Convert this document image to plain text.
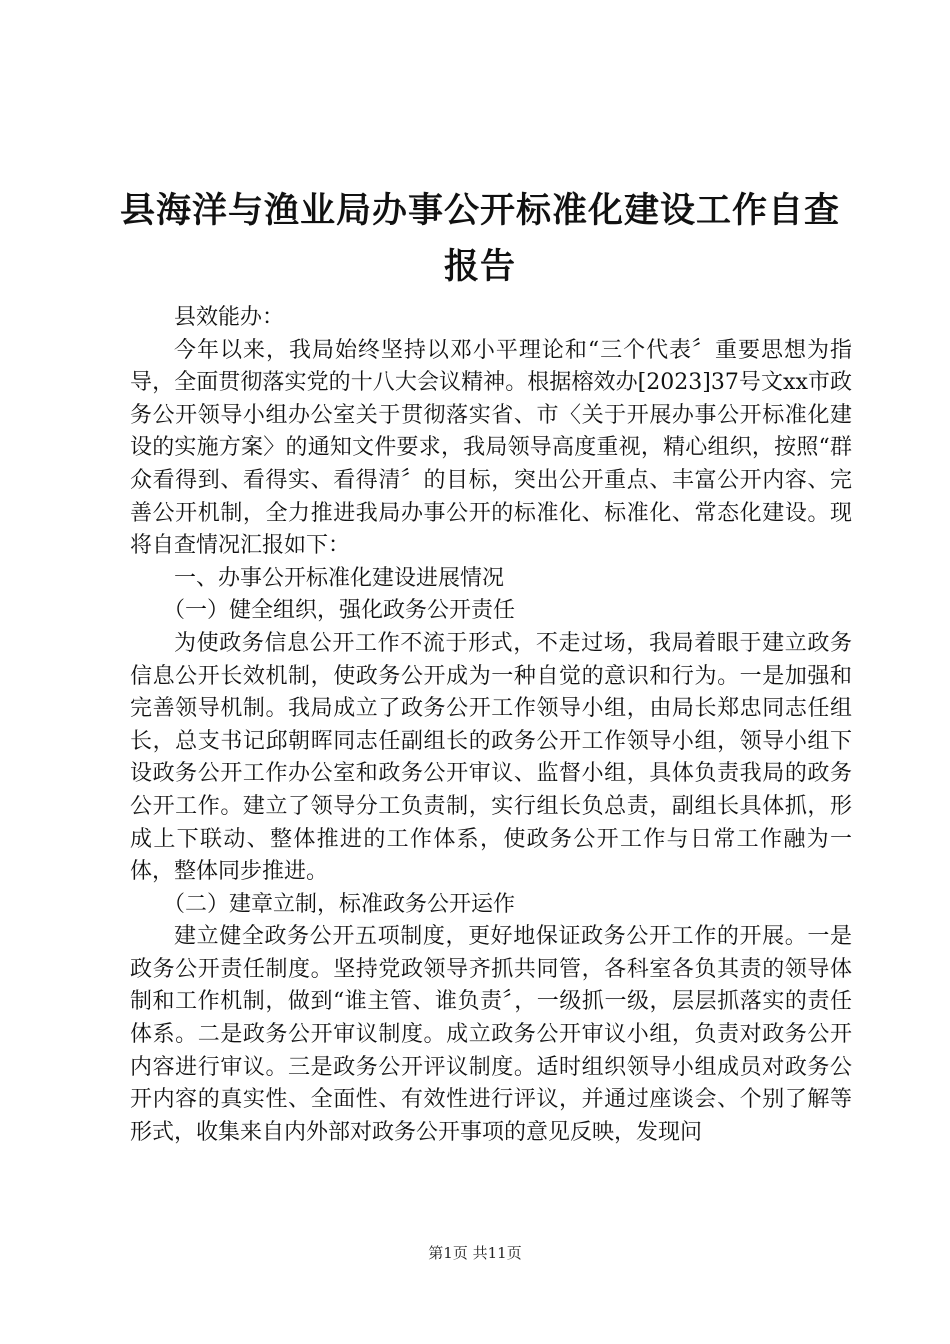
县海洋与渔业局办事公开标准化建设工作自查报告

县效能办：

今年以来，我局始终坚持以邓小平理论和“三个代表〞重要思想为指导，全面贯彻落实党的十八大会议精神。根据榕效办[2023]37号文xx市政务公开领导小组办公室关于贯彻落实省、市〈关于开展办事公开标准化建设的实施方案〉的通知文件要求，我局领导高度重视，精心组织，按照“群众看得到、看得实、看得清〞的目标，突出公开重点、丰富公开内容、完善公开机制，全力推进我局办事公开的标准化、标准化、常态化建设。现将自查情况汇报如下：

一、办事公开标准化建设进展情况

（一）健全组织，强化政务公开责任

为使政务信息公开工作不流于形式，不走过场，我局着眼于建立政务信息公开长效机制，使政务公开成为一种自觉的意识和行为。一是加强和完善领导机制。我局成立了政务公开工作领导小组，由局长郑忠同志任组长，总支书记邱朝晖同志任副组长的政务公开工作领导小组，领导小组下设政务公开工作办公室和政务公开审议、监督小组，具体负责我局的政务公开工作。建立了领导分工负责制，实行组长负总责，副组长具体抓，形成上下联动、整体推进的工作体系，使政务公开工作与日常工作融为一体，整体同步推进。

（二）建章立制，标准政务公开运作

建立健全政务公开五项制度，更好地保证政务公开工作的开展。一是政务公开责任制度。坚持党政领导齐抓共同管，各科室各负其责的领导体制和工作机制，做到“谁主管、谁负责〞，一级抓一级，层层抓落实的责任体系。二是政务公开审议制度。成立政务公开审议小组，负责对政务公开内容进行审议。三是政务公开评议制度。适时组织领导小组成员对政务公开内容的真实性、全面性、有效性进行评议，并通过座谈会、个别了解等形式，收集来自内外部对政务公开事项的意见反映，发现问

第1页 共11页
